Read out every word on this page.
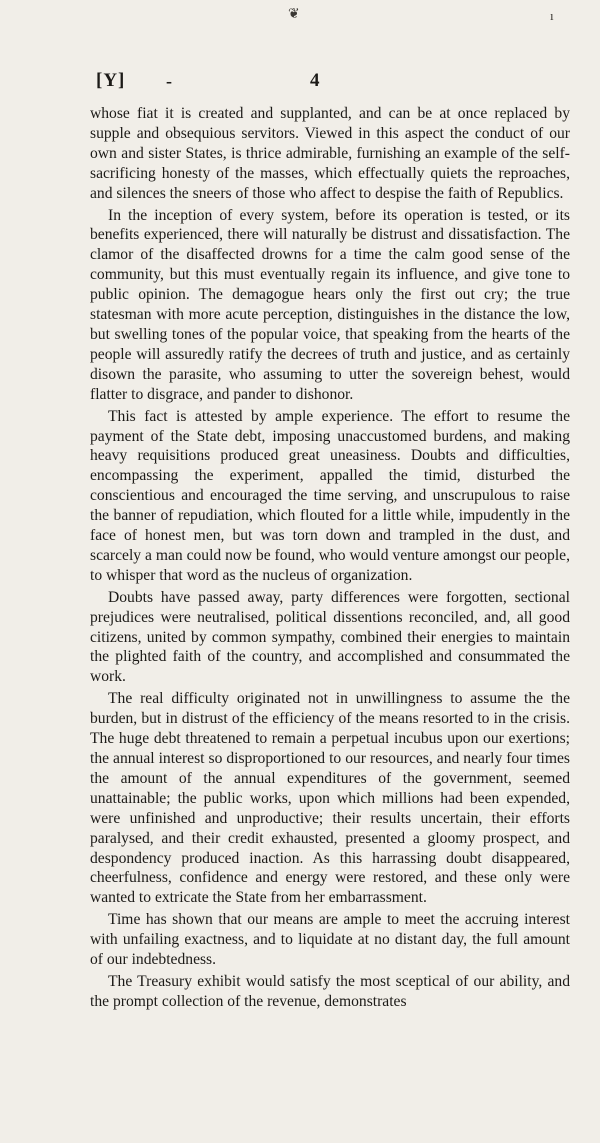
❦	ı
[Y] -	4

whose fiat it is created and supplanted, and can be at once replaced by supple and obsequious servitors. Viewed in this aspect the conduct of our own and sister States, is thrice admirable, furnishing an example of the self-sacrificing honesty of the masses, which effectually quiets the reproaches, and silences the sneers of those who affect to despise the faith of Republics.

In the inception of every system, before its operation is tested, or its benefits experienced, there will naturally be distrust and dissatisfaction. The clamor of the disaffected drowns for a time the calm good sense of the community, but this must eventually regain its influence, and give tone to public opinion. The demagogue hears only the first out cry; the true statesman with more acute perception, distinguishes in the distance the low, but swelling tones of the popular voice, that speaking from the hearts of the people will assuredly ratify the decrees of truth and justice, and as certainly disown the parasite, who assuming to utter the sovereign behest, would flatter to disgrace, and pander to dishonor.

This fact is attested by ample experience. The effort to resume the payment of the State debt, imposing unaccustomed burdens, and making heavy requisitions produced great uneasiness. Doubts and difficulties, encompassing the experiment, appalled the timid, disturbed the conscientious and encouraged the time serving, and unscrupulous to raise the banner of repudiation, which flouted for a little while, impudently in the face of honest men, but was torn down and trampled in the dust, and scarcely a man could now be found, who would venture amongst our people, to whisper that word as the nucleus of organization.

Doubts have passed away, party differences were forgotten, sectional prejudices were neutralised, political dissentions reconciled, and, all good citizens, united by common sympathy, combined their energies to maintain the plighted faith of the country, and accomplished and consummated the work.

The real difficulty originated not in unwillingness to assume the the burden, but in distrust of the efficiency of the means resorted to in the crisis. The huge debt threatened to remain a perpetual incubus upon our exertions; the annual interest so disproportioned to our resources, and nearly four times the amount of the annual expenditures of the government, seemed unattainable; the public works, upon which millions had been expended, were unfinished and unproductive; their results uncertain, their efforts paralysed, and their credit exhausted, presented a gloomy prospect, and despondency produced inaction. As this harrassing doubt disappeared, cheerfulness, confidence and energy were restored, and these only were wanted to extricate the State from her embarrassment.

Time has shown that our means are ample to meet the accruing interest with unfailing exactness, and to liquidate at no distant day, the full amount of our indebtedness.

The Treasury exhibit would satisfy the most sceptical of our ability, and the prompt collection of the revenue, demonstrates
